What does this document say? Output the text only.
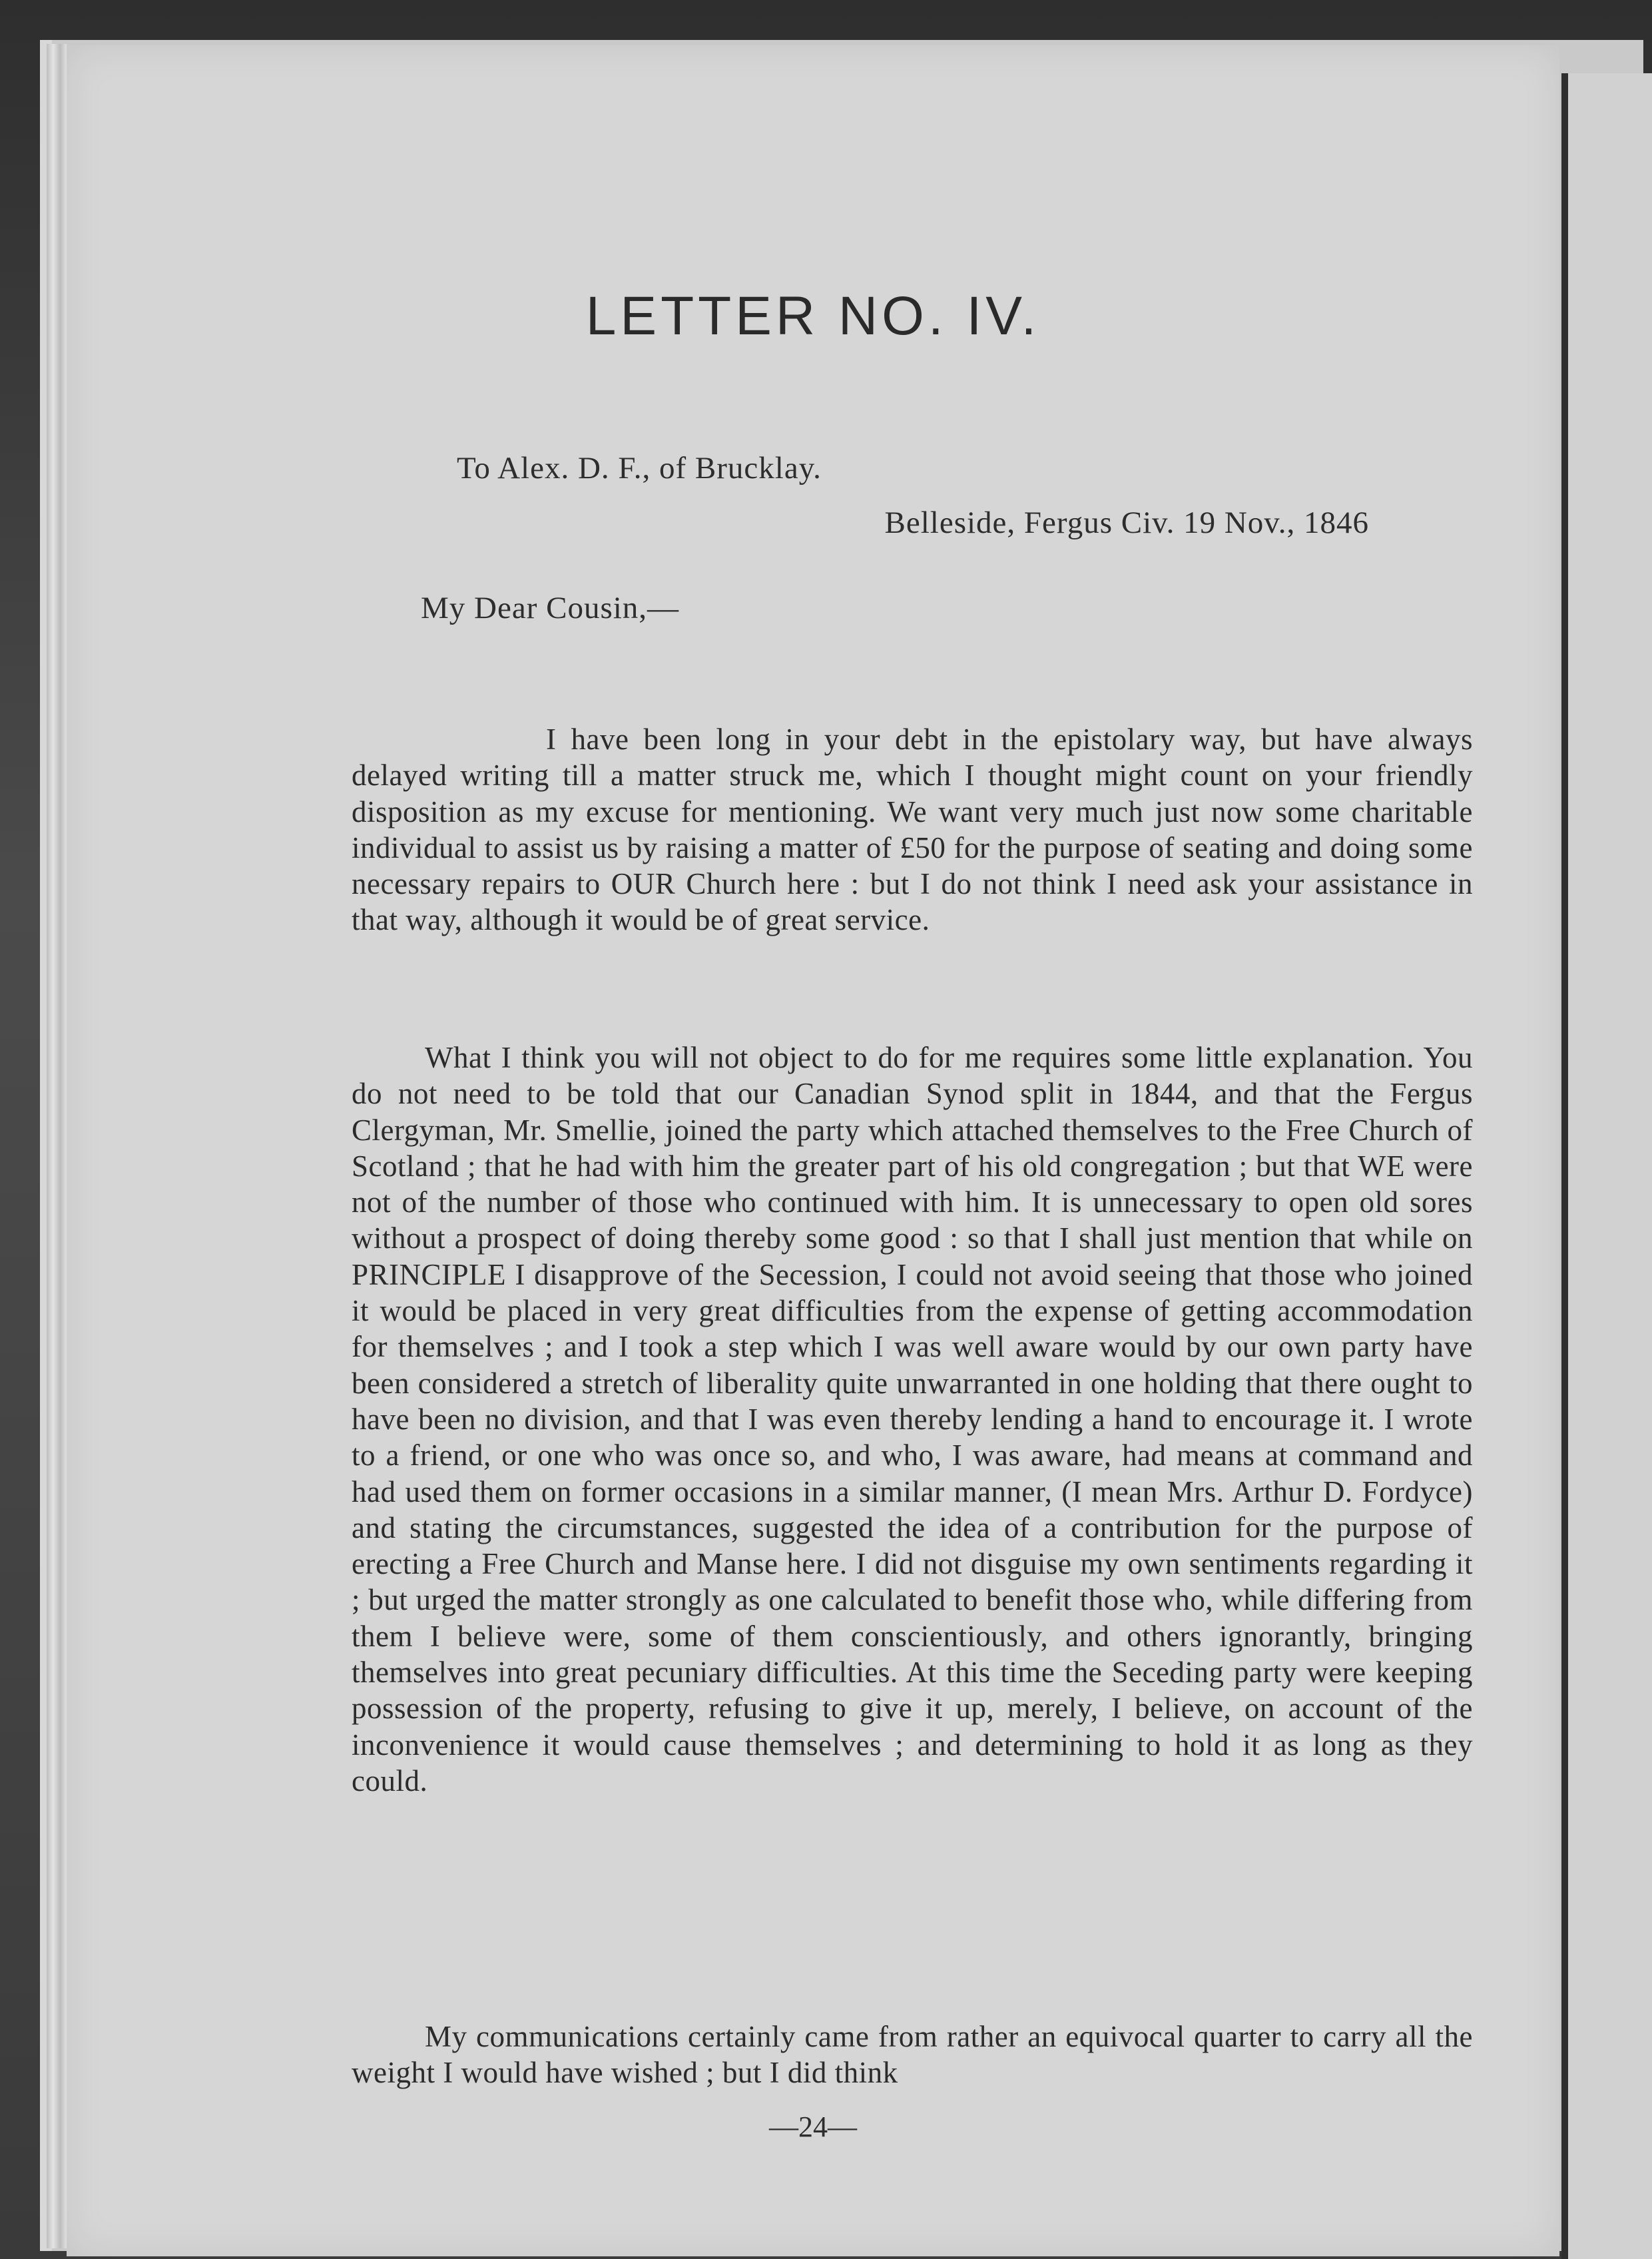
LETTER NO. IV.
To Alex. D. F., of Brucklay.
Belleside, Fergus Civ. 19 Nov., 1846
My Dear Cousin,—

I have been long in your debt in the epistolary way, but have always delayed writing till a matter struck me, which I thought might count on your friendly disposition as my excuse for mentioning. We want very much just now some charitable individual to assist us by raising a matter of £50 for the purpose of seating and doing some necessary repairs to OUR Church here : but I do not think I need ask your assistance in that way, although it would be of great service.

What I think you will not object to do for me requires some little explanation. You do not need to be told that our Canadian Synod split in 1844, and that the Fergus Clergyman, Mr. Smellie, joined the party which attached themselves to the Free Church of Scotland ; that he had with him the greater part of his old congregation ; but that WE were not of the number of those who continued with him. It is unnecessary to open old sores without a prospect of doing thereby some good : so that I shall just mention that while on PRINCIPLE I disapprove of the Secession, I could not avoid seeing that those who joined it would be placed in very great difficulties from the expense of getting accommodation for themselves ; and I took a step which I was well aware would by our own party have been considered a stretch of liberality quite unwarranted in one holding that there ought to have been no division, and that I was even thereby lending a hand to encourage it. I wrote to a friend, or one who was once so, and who, I was aware, had means at command and had used them on former occasions in a similar manner, (I mean Mrs. Arthur D. Fordyce) and stating the circumstances, suggested the idea of a contribution for the purpose of erecting a Free Church and Manse here. I did not disguise my own sentiments regarding it ; but urged the matter strongly as one calculated to benefit those who, while differing from them I believe were, some of them conscientiously, and others ignorantly, bringing themselves into great pecuniary difficulties. At this time the Seceding party were keeping possession of the property, refusing to give it up, merely, I believe, on account of the inconvenience it would cause themselves ; and determining to hold it as long as they could.

My communications certainly came from rather an equivocal quarter to carry all the weight I would have wished ; but I did think

—24—
